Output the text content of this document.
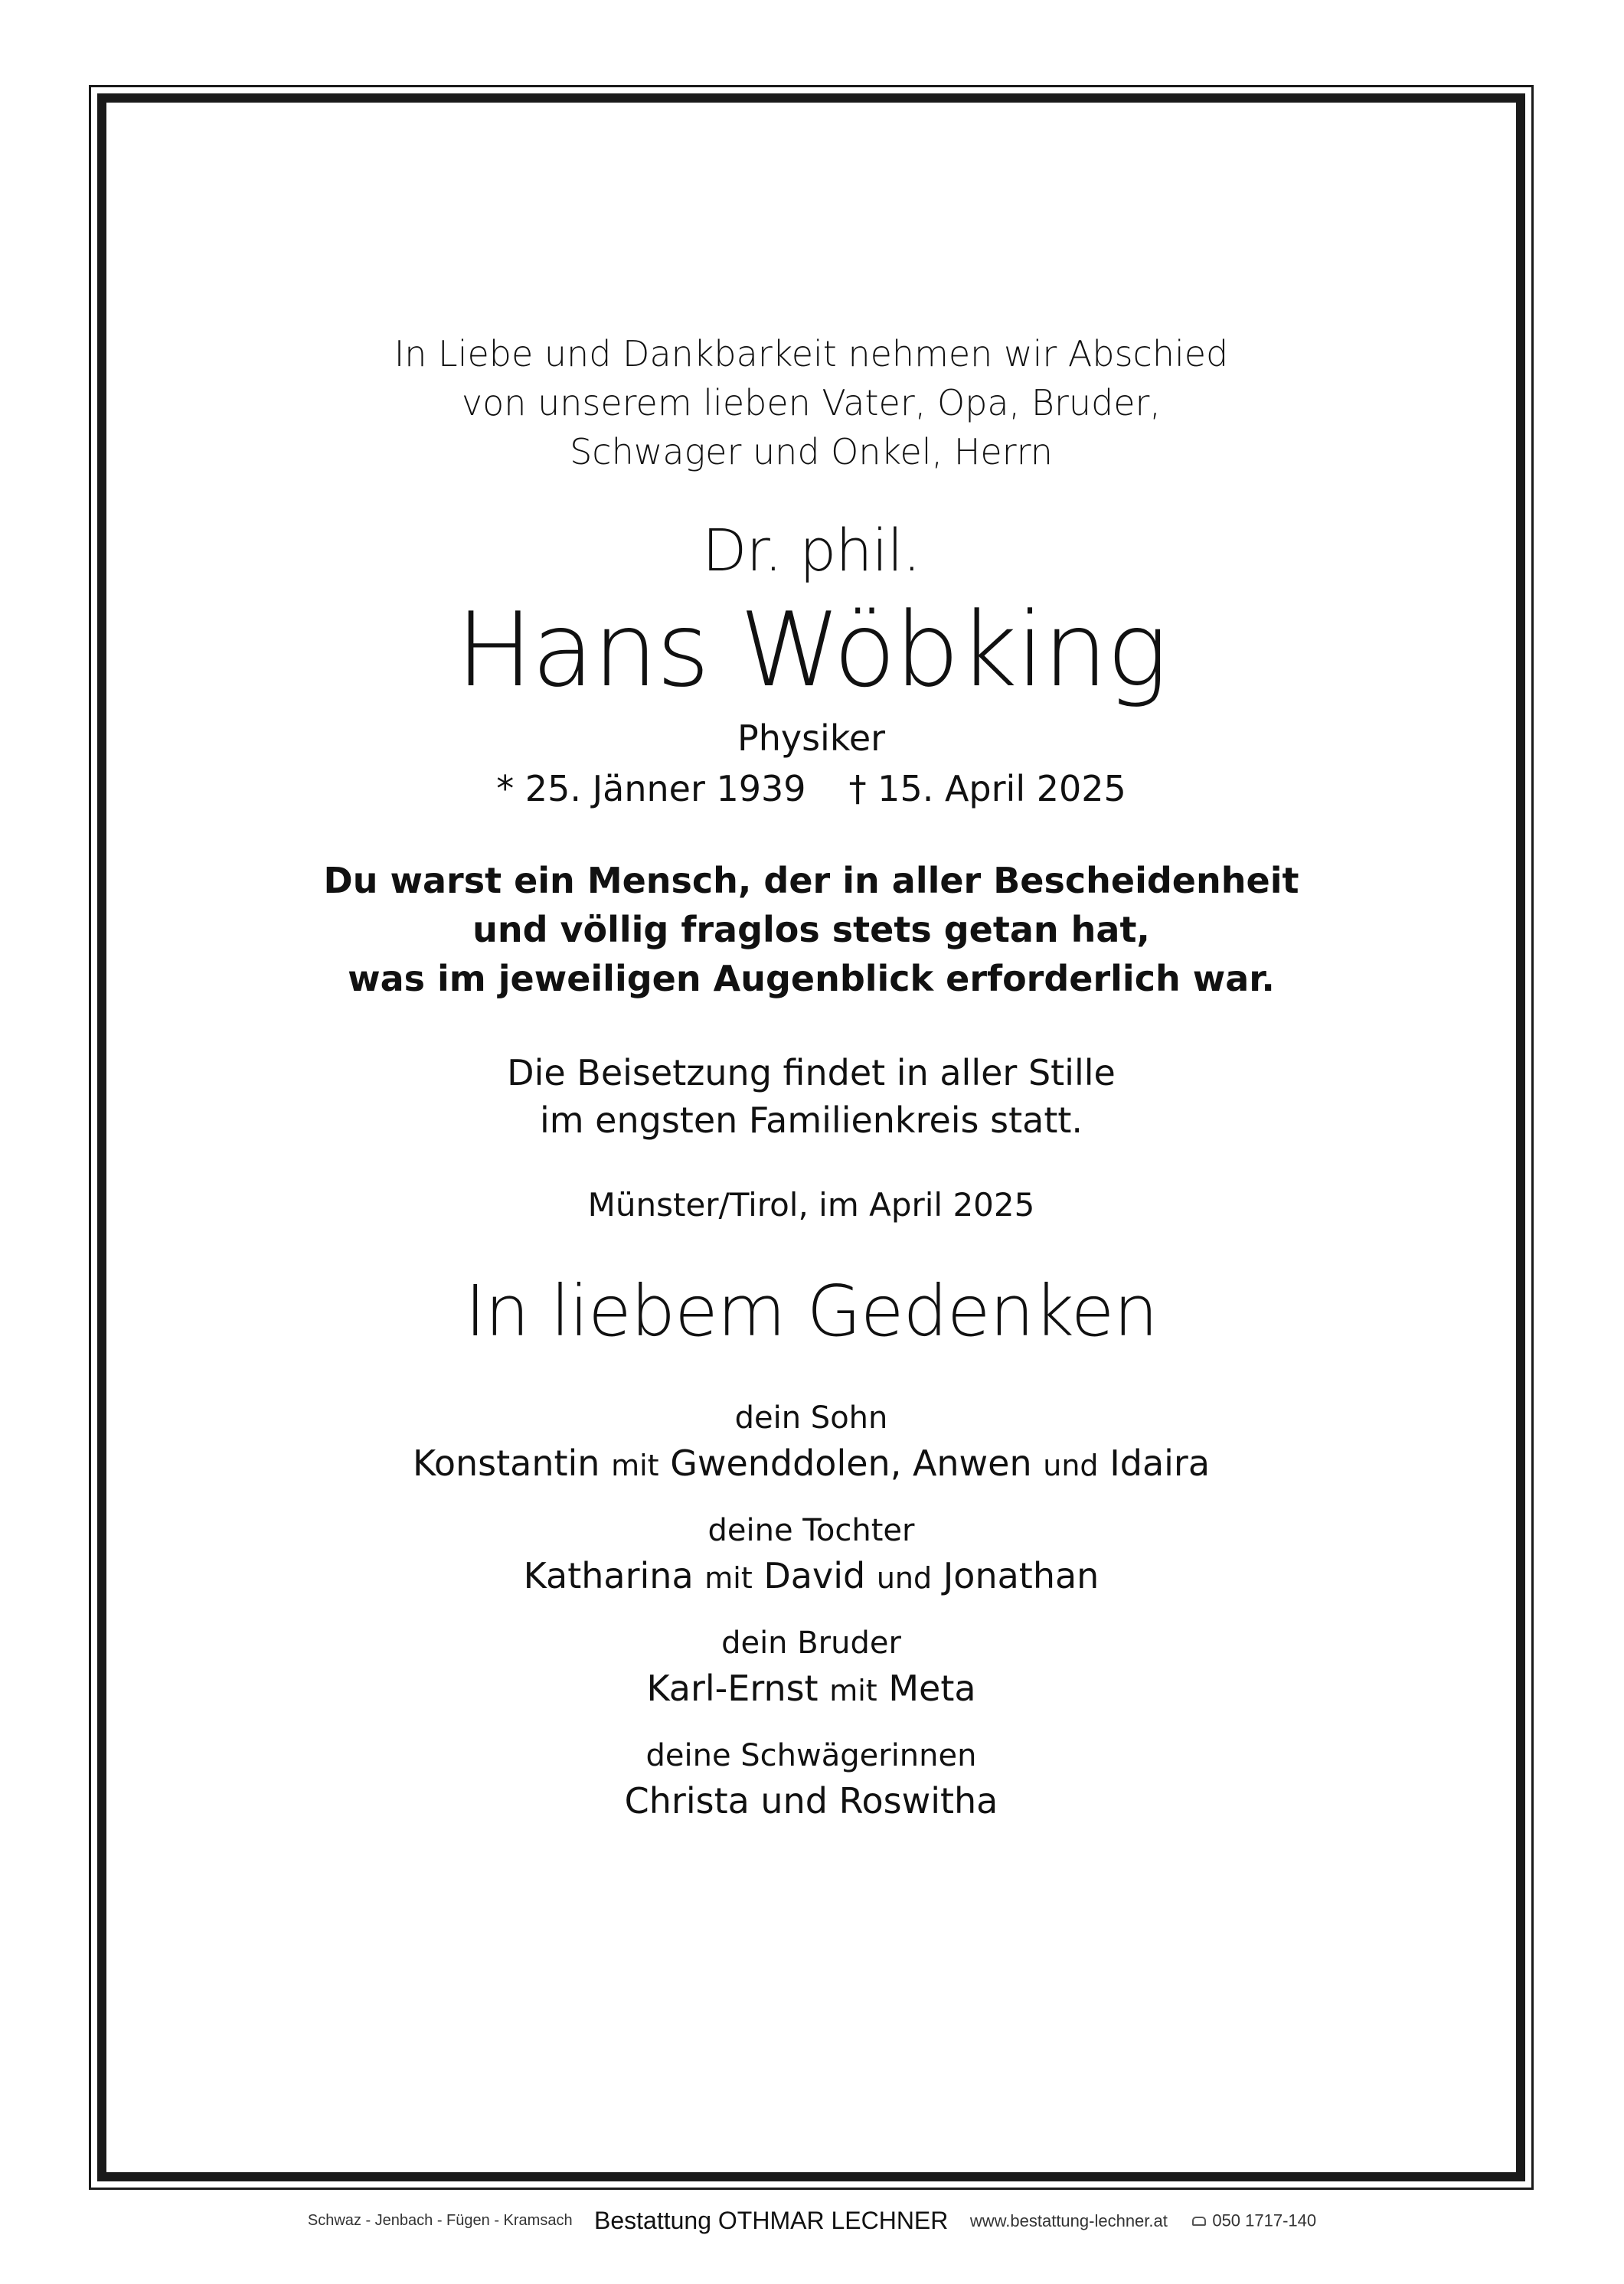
In Liebe und Dankbarkeit nehmen wir Abschied
von unserem lieben Vater, Opa, Bruder,
Schwager und Onkel, Herrn
Dr. phil.
Hans Wöbking
Physiker
* 25. Jänner 1939 † 15. April 2025
Du warst ein Mensch, der in aller Bescheidenheit
und völlig fraglos stets getan hat,
was im jeweiligen Augenblick erforderlich war.
Die Beisetzung findet in aller Stille
im engsten Familienkreis statt.
Münster/Tirol, im April 2025
In liebem Gedenken
dein Sohn
Konstantin mit Gwenddolen, Anwen und Idaira
deine Tochter
Katharina mit David und Jonathan
dein Bruder
Karl-Ernst mit Meta
deine Schwägerinnen
Christa und Roswitha
Schwaz - Jenbach - Fügen - Kramsach Bestattung OTHMAR LECHNER www.bestattung-lechner.at	050 1717-140
